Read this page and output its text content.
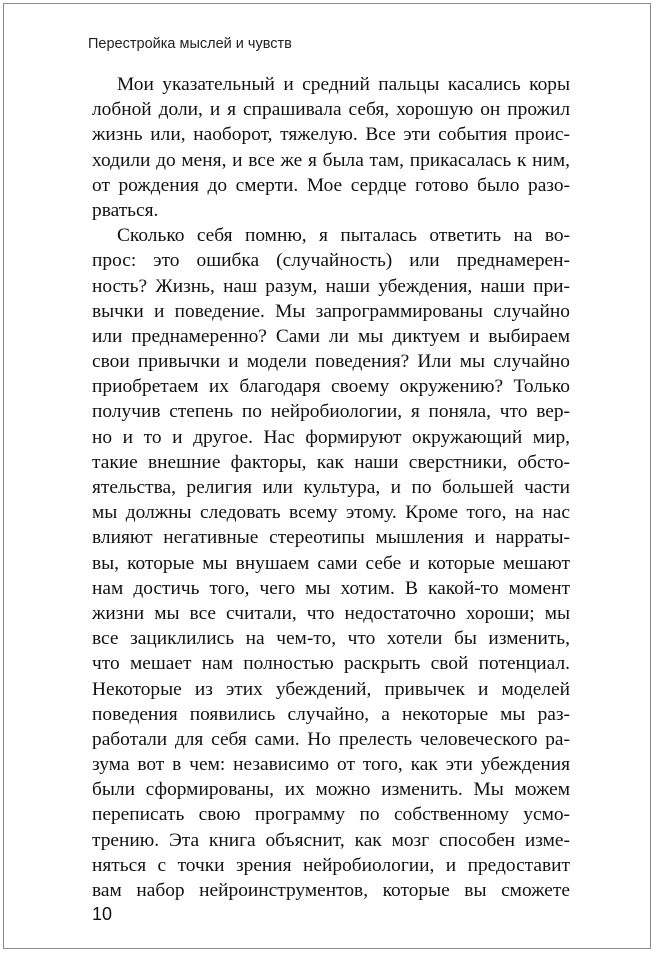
Перестройка мыслей и чувств
Мои указательный и средний пальцы касались коры
лобной доли, и я спрашивала себя, хорошую он прожил
жизнь или, наоборот, тяжелую. Все эти события проис-
ходили до меня, и все же я была там, прикасалась к ним,
от рождения до смерти. Мое сердце готово было разо-
рваться.
Сколько себя помню, я пыталась ответить на во-
прос: это ошибка (случайность) или преднамерен-
ность? Жизнь, наш разум, наши убеждения, наши при-
вычки и поведение. Мы запрограммированы случайно
или преднамеренно? Сами ли мы диктуем и выбираем
свои привычки и модели поведения? Или мы случайно
приобретаем их благодаря своему окружению? Только
получив степень по нейробиологии, я поняла, что вер-
но и то и другое. Нас формируют окружающий мир,
такие внешние факторы, как наши сверстники, обсто-
ятельства, религия или культура, и по большей части
мы должны следовать всему этому. Кроме того, на нас
влияют негативные стереотипы мышления и нарраты-
вы, которые мы внушаем сами себе и которые мешают
нам достичь того, чего мы хотим. В какой-то момент
жизни мы все считали, что недостаточно хороши; мы
все зациклились на чем-то, что хотели бы изменить,
что мешает нам полностью раскрыть свой потенциал.
Некоторые из этих убеждений, привычек и моделей
поведения появились случайно, а некоторые мы раз-
работали для себя сами. Но прелесть человеческого ра-
зума вот в чем: независимо от того, как эти убеждения
были сформированы, их можно изменить. Мы можем
переписать свою программу по собственному усмо-
трению. Эта книга объяснит, как мозг способен изме-
няться с точки зрения нейробиологии, и предоставит
вам набор нейроинструментов, которые вы сможете
10
